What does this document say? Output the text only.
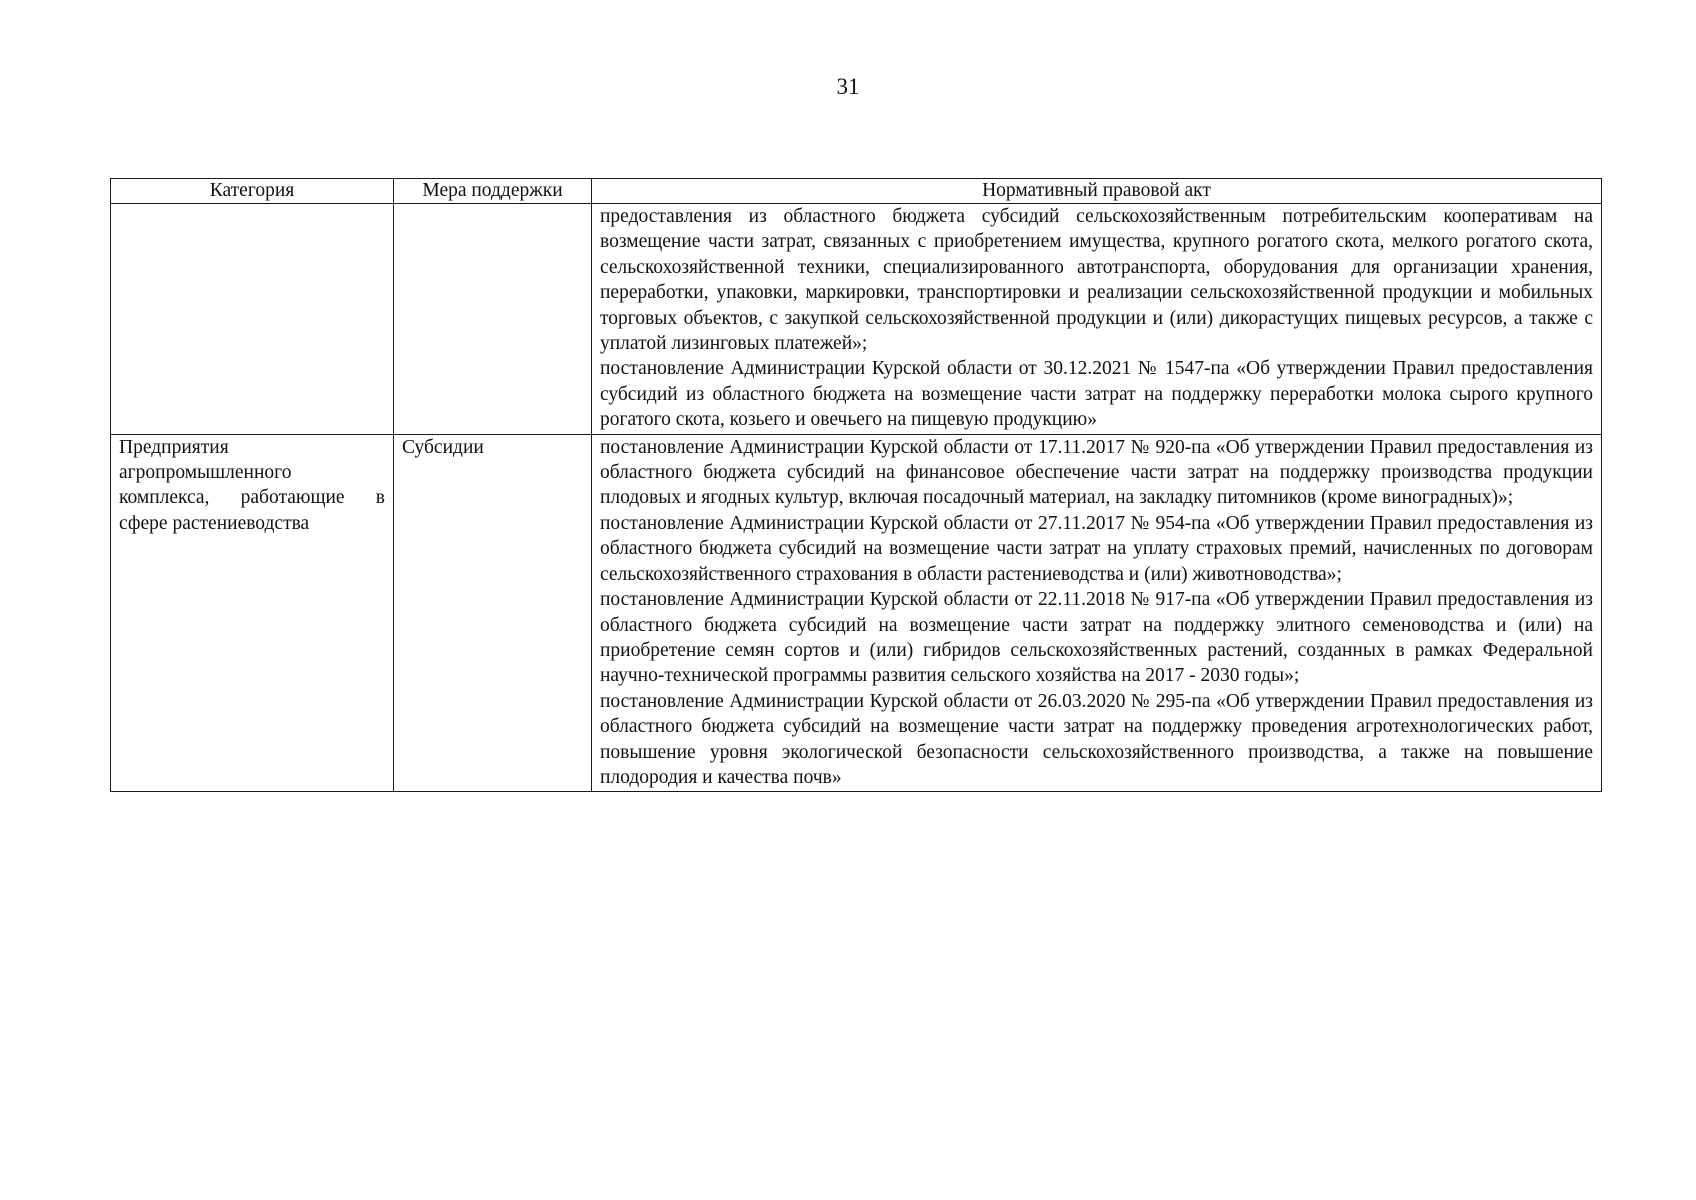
31
Категория	Мера поддержки	Нормативный правовой акт

		предоставления из областного бюджета субсидий сельскохозяйственным потребительским кооперативам на возмещение части затрат, связанных с приобретением имущества, крупного рогатого скота, мелкого рогатого скота, сельскохозяйственной техники, специализированного автотранспорта, оборудования для организации хранения, переработки, упаковки, маркировки, транспортировки и реализации сельскохозяйственной продукции и мобильных торговых объектов, с закупкой сельскохозяйственной продукции и (или) дикорастущих пищевых ресурсов, а также с уплатой лизинговых платежей»;
постановление Администрации Курской области от 30.12.2021 № 1547-па «Об утверждении Правил предоставления субсидий из областного бюджета на возмещение части затрат на поддержку переработки молока сырого крупного рогатого скота, козьего и овечьего на пищевую продукцию»

Предприятия агропромышленного комплекса, работающие в сфере растениеводства	Субсидии	постановление Администрации Курской области от 17.11.2017 № 920-па «Об утверждении Правил предоставления из областного бюджета субсидий на финансовое обеспечение части затрат на поддержку производства продукции плодовых и ягодных культур, включая посадочный материал, на закладку питомников (кроме виноградных)»;
постановление Администрации Курской области от 27.11.2017 № 954-па «Об утверждении Правил предоставления из областного бюджета субсидий на возмещение части затрат на уплату страховых премий, начисленных по договорам сельскохозяйственного страхования в области растениеводства и (или) животноводства»;
постановление Администрации Курской области от 22.11.2018 № 917-па «Об утверждении Правил предоставления из областного бюджета субсидий на возмещение части затрат на поддержку элитного семеноводства и (или) на приобретение семян сортов и (или) гибридов сельскохозяйственных растений, созданных в рамках Федеральной научно-технической программы развития сельского хозяйства на 2017 - 2030 годы»;
постановление Администрации Курской области от 26.03.2020 № 295-па «Об утверждении Правил предоставления из областного бюджета субсидий на возмещение части затрат на поддержку проведения агротехнологических работ, повышение уровня экологической безопасности сельскохозяйственного производства, а также на повышение плодородия и качества почв»
